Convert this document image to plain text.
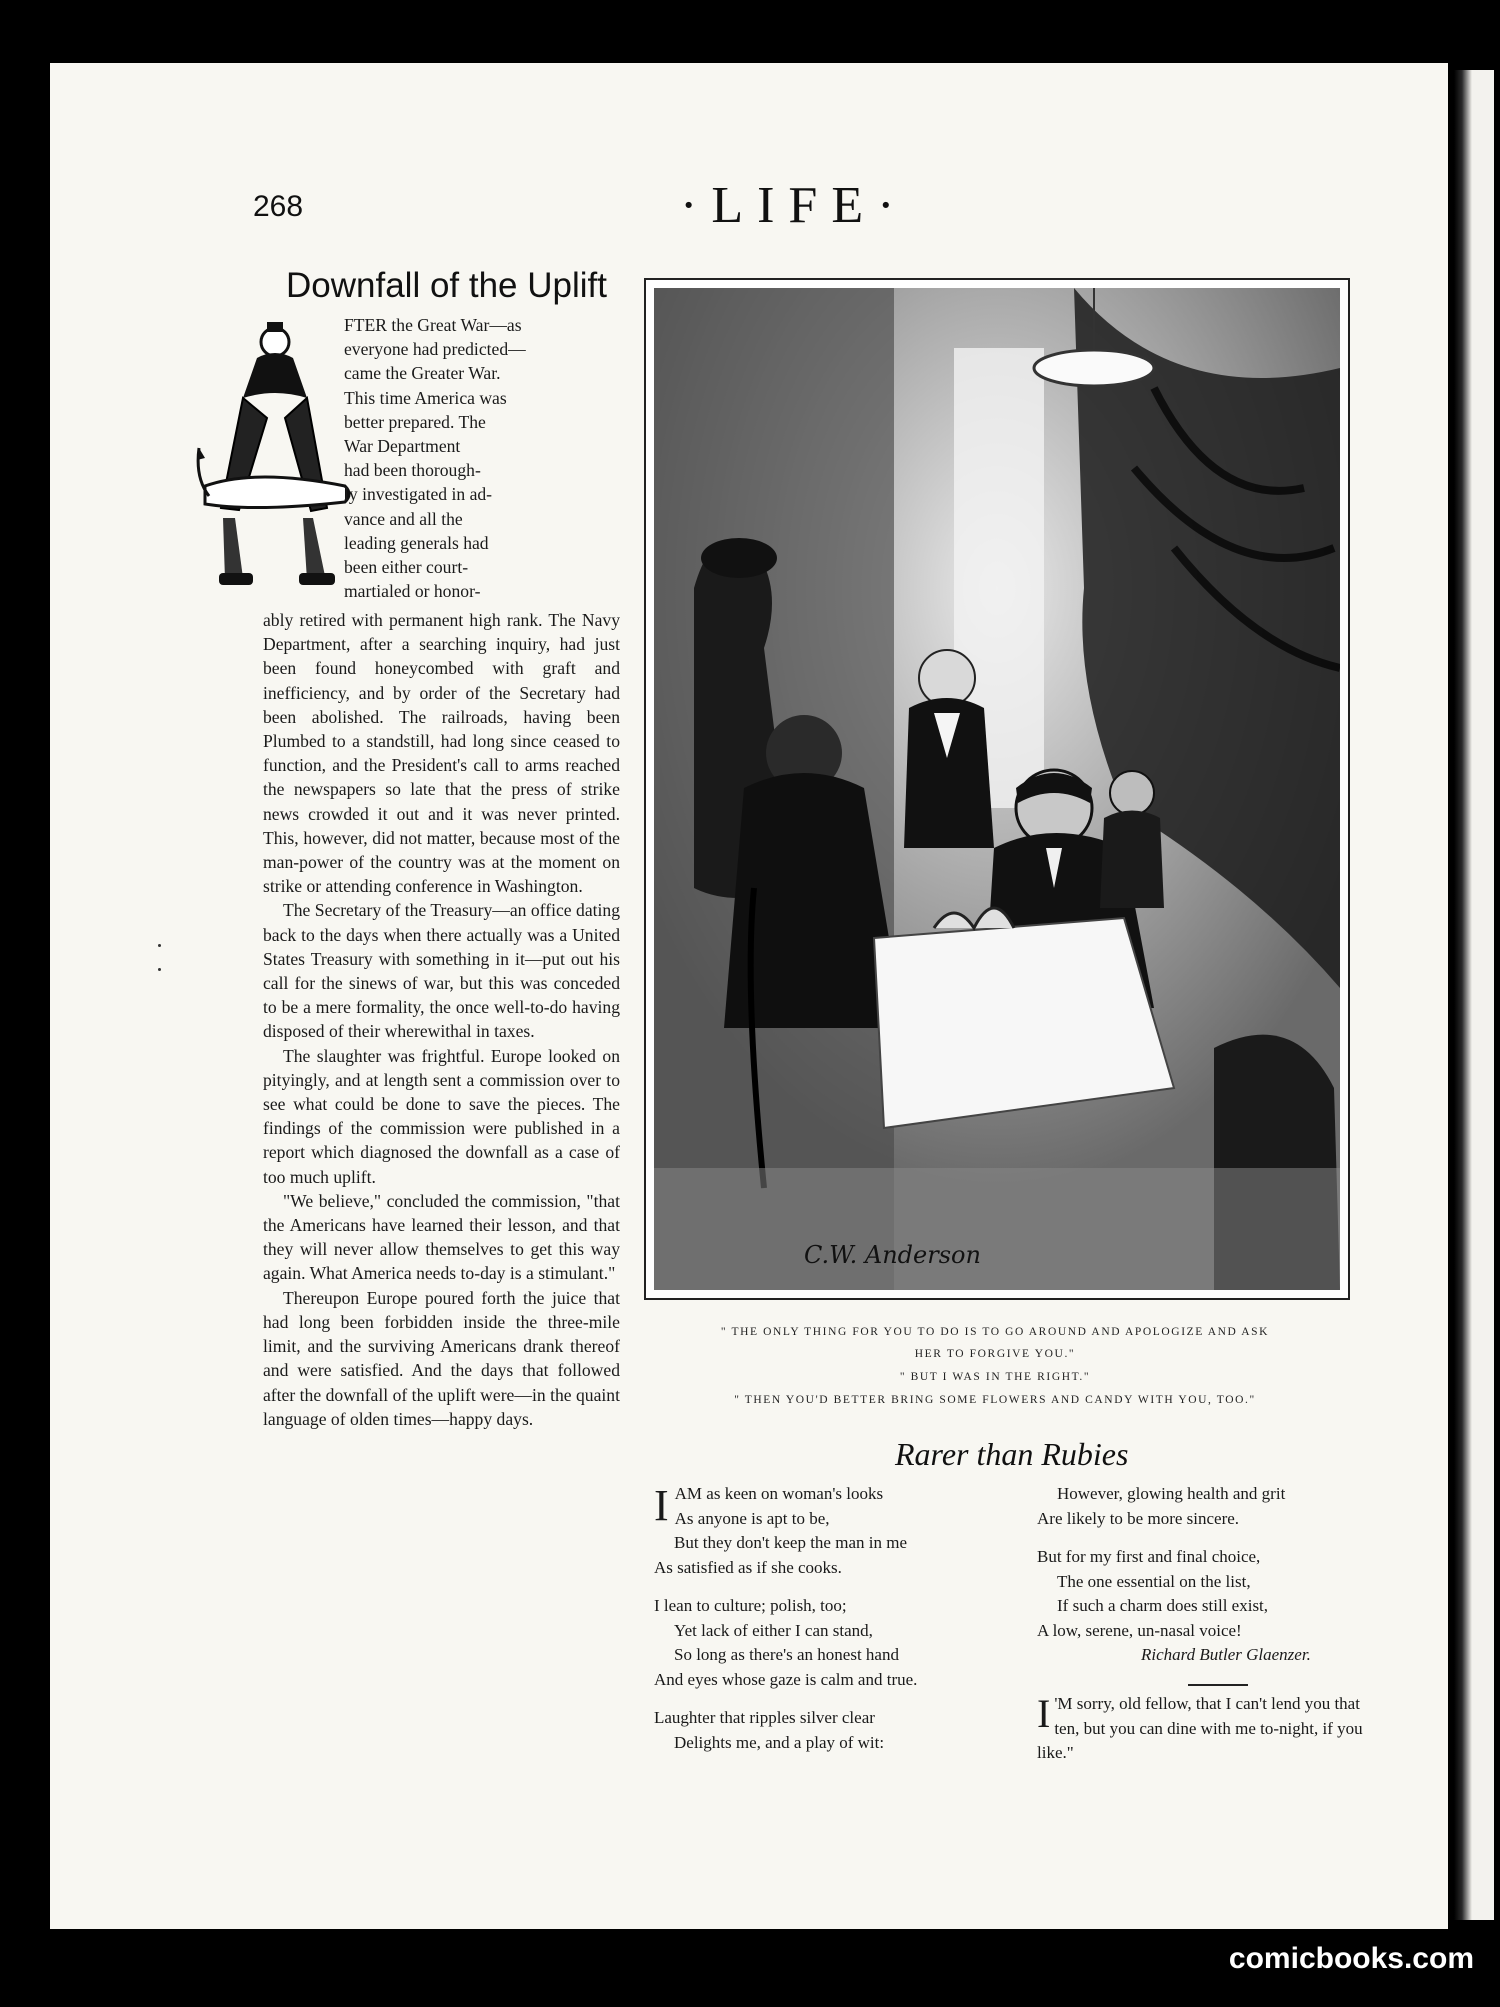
268	·LIFE·
Downfall of the Uplift

FTER the Great War—as

everyone had predicted—

came the Greater War.

This time America was

better prepared. The

War Department

had been thorough-

ly investigated in ad-

vance and all the

leading generals had

been either court-

martialed or honor-

ably retired with permanent high rank. The Navy Department, after a searching inquiry, had just been found honeycombed with graft and inefficiency, and by order of the Secretary had been abolished. The railroads, having been Plumbed to a standstill, had long since ceased to function, and the President's call to arms reached the newspapers so late that the press of strike news crowded it out and it was never printed. This, however, did not matter, because most of the man-power of the country was at the moment on strike or attending conference in Washington.

The Secretary of the Treasury—an office dating back to the days when there actually was a United States Treasury with something in it—put out his call for the sinews of war, but this was conceded to be a mere formality, the once well-to-do having disposed of their wherewithal in taxes.

The slaughter was frightful. Europe looked on pityingly, and at length sent a commission over to see what could be done to save the pieces. The findings of the commission were published in a report which diagnosed the downfall as a case of too much uplift.

"We believe," concluded the commission, "that the Americans have learned their lesson, and that they will never allow themselves to get this way again. What America needs to-day is a stimulant."

Thereupon Europe poured forth the juice that had long been forbidden inside the three-mile limit, and the surviving Americans drank thereof and were satisfied. And the days that followed after the downfall of the uplift were—in the quaint language of olden times—happy days.

C.W. Anderson
" THE ONLY THING FOR YOU TO DO IS TO GO AROUND AND APOLOGIZE AND ASK
HER TO FORGIVE YOU."
" BUT I WAS IN THE RIGHT."
" THEN YOU'D BETTER BRING SOME FLOWERS AND CANDY WITH YOU, TOO."
Rarer than Rubies
I AM as keen on woman's looks
As anyone is apt to be,
But they don't keep the man in me
As satisfied as if she cooks.
I lean to culture; polish, too;
Yet lack of either I can stand,
So long as there's an honest hand
And eyes whose gaze is calm and true.
Laughter that ripples silver clear
Delights me, and a play of wit:
However, glowing health and grit
Are likely to be more sincere.
But for my first and final choice,
The one essential on the list,
If such a charm does still exist,
A low, serene, un-nasal voice!
Richard Butler Glaenzer.
I 'M sorry, old fellow, that I can't lend you that ten, but you can dine with me to-night, if you like."
comicbooks.com
